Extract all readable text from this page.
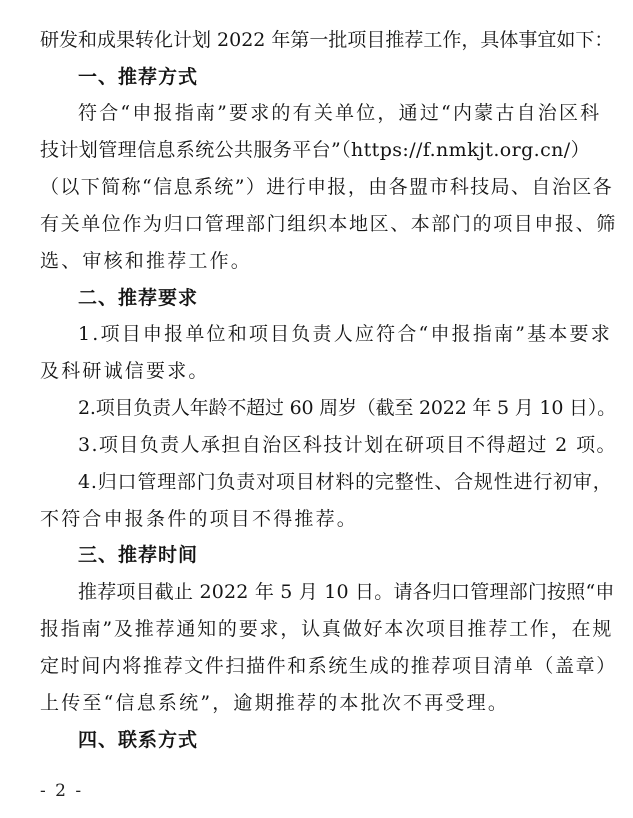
研发和成果转化计划 2022 年第一批项目推荐工作，具体事宜如下：
一、推荐方式
符合“申报指南”要求的有关单位，通过“内蒙古自治区科
技计划管理信息系统公共服务平台”（https://f.nmkjt.org.cn/）
（以下简称“信息系统”）进行申报，由各盟市科技局、自治区各
有关单位作为归口管理部门组织本地区、本部门的项目申报、筛
选、审核和推荐工作。
二、推荐要求
1.项目申报单位和项目负责人应符合“申报指南”基本要求
及科研诚信要求。
2.项目负责人年龄不超过 60 周岁（截至 2022 年 5 月 10 日）。
3.项目负责人承担自治区科技计划在研项目不得超过 2 项。
4.归口管理部门负责对项目材料的完整性、合规性进行初审，
不符合申报条件的项目不得推荐。
三、推荐时间
推荐项目截止 2022 年 5 月 10 日。请各归口管理部门按照“申
报指南”及推荐通知的要求，认真做好本次项目推荐工作，在规
定时间内将推荐文件扫描件和系统生成的推荐项目清单（盖章）
上传至“信息系统”，逾期推荐的本批次不再受理。
四、联系方式
- 2 -
